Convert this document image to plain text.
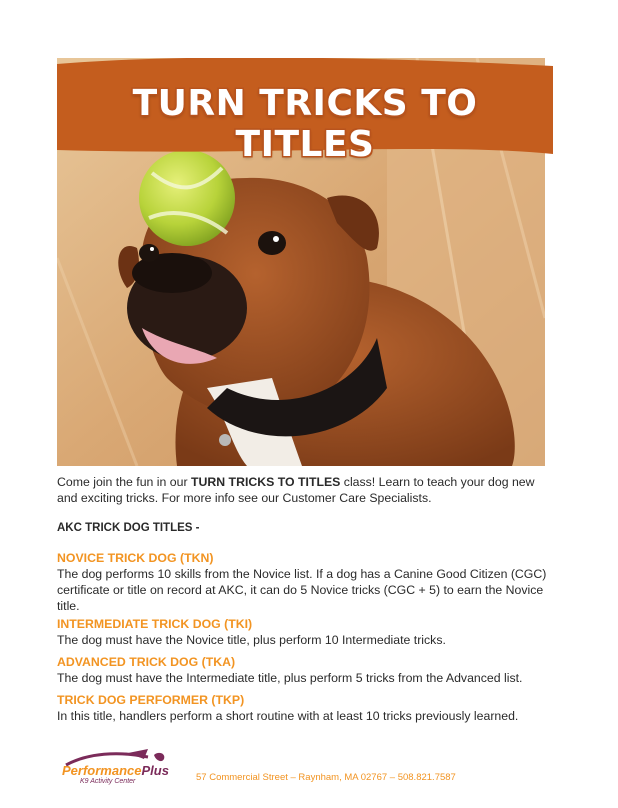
TURN TRICKS TO TITLES

Come join the fun in our TURN TRICKS TO TITLES class! Learn to teach your dog new and exciting tricks. For more info see our Customer Care Specialists.

AKC TRICK DOG TITLES -

NOVICE TRICK DOG (TKN)

The dog performs 10 skills from the Novice list. If a dog has a Canine Good Citizen (CGC) certificate or title on record at AKC, it can do 5 Novice tricks (CGC + 5) to earn the Novice title.

INTERMEDIATE TRICK DOG (TKI)

The dog must have the Novice title, plus perform 10 Intermediate tricks.

ADVANCED TRICK DOG (TKA)

The dog must have the Intermediate title, plus perform 5 tricks from the Advanced list.

TRICK DOG PERFORMER (TKP)

In this title, handlers perform a short routine with at least 10 tricks previously learned.

PerformancePlus
K9 Activity Center	57 Commercial Street – Raynham, MA 02767 – 508.821.7587
